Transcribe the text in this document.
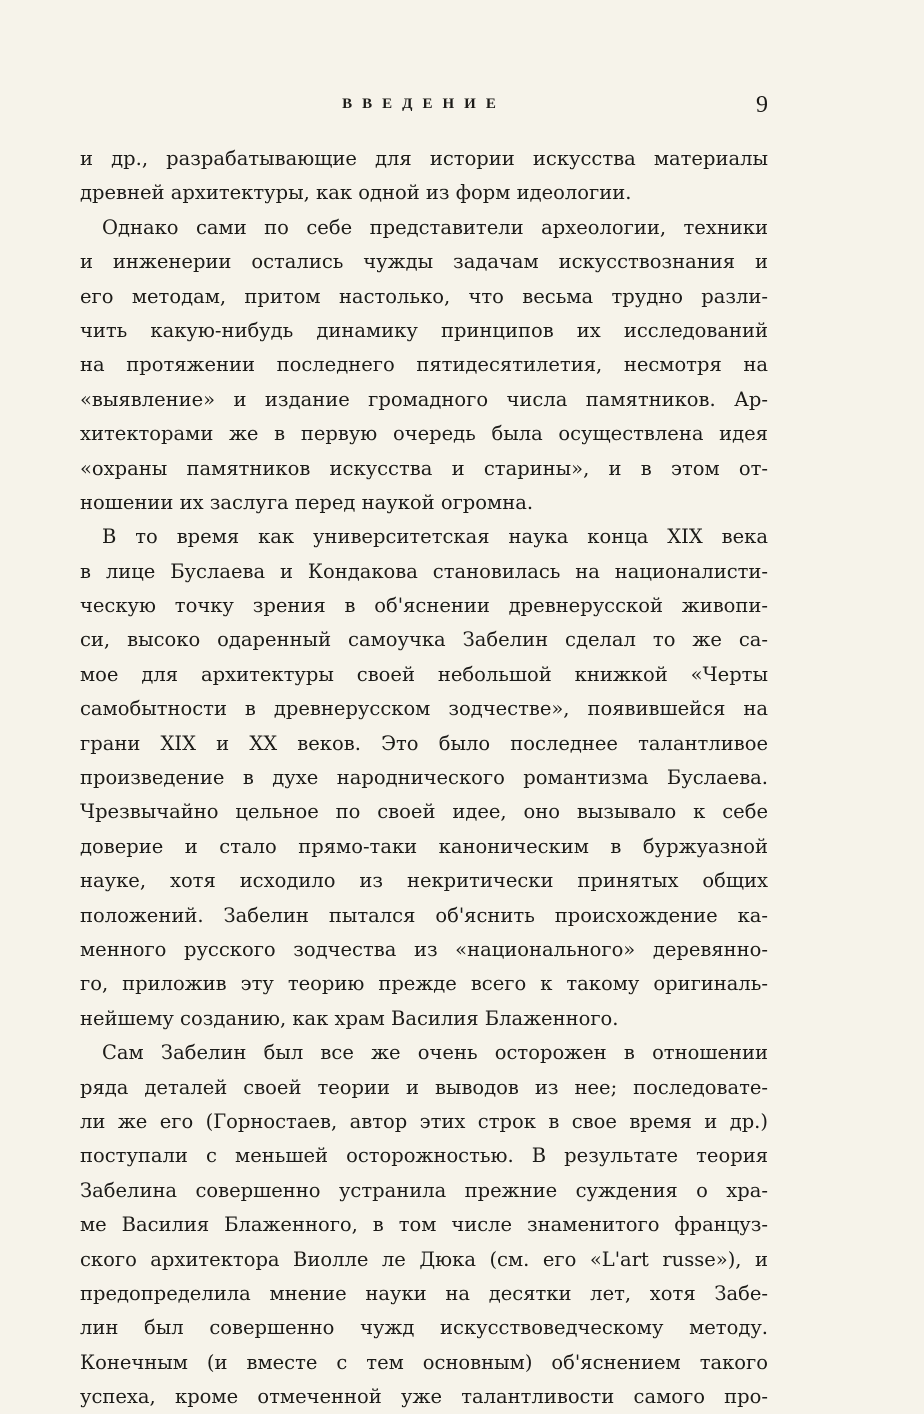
ВВЕДЕНИЕ	9
и др., разрабатывающие для истории искусства материалы
древней архитектуры, как одной из форм идеологии.
Однако сами по себе представители археологии, техники
и инженерии остались чужды задачам искусствознания и
его методам, притом настолько, что весьма трудно разли-
чить какую-нибудь динамику принципов их исследований
на протяжении последнего пятидесятилетия, несмотря на
«выявление» и издание громадного числа памятников. Ар-
хитекторами же в первую очередь была осуществлена идея
«охраны памятников искусства и старины», и в этом от-
ношении их заслуга перед наукой огромна.
В то время как университетская наука конца XIX века
в лице Буслаева и Кондакова становилась на националисти-
ческую точку зрения в об'яснении древнерусской живопи-
си, высоко одаренный самоучка Забелин сделал то же са-
мое для архитектуры своей небольшой книжкой «Черты
самобытности в древнерусском зодчестве», появившейся на
грани XIX и XX веков. Это было последнее талантливое
произведение в духе народнического романтизма Буслаева.
Чрезвычайно цельное по своей идее, оно вызывало к себе
доверие и стало прямо-таки каноническим в буржуазной
науке, хотя исходило из некритически принятых общих
положений. Забелин пытался об'яснить происхождение ка-
менного русского зодчества из «национального» деревянно-
го, приложив эту теорию прежде всего к такому оригиналь-
нейшему созданию, как храм Василия Блаженного.
Сам Забелин был все же очень осторожен в отношении
ряда деталей своей теории и выводов из нее; последовате-
ли же его (Горностаев, автор этих строк в свое время и др.)
поступали с меньшей осторожностью. В результате теория
Забелина совершенно устранила прежние суждения о хра-
ме Василия Блаженного, в том числе знаменитого француз-
ского архитектора Виолле ле Дюка (см. его «L'art russe»), и
предопределила мнение науки на десятки лет, хотя Забе-
лин был совершенно чужд искусствоведческому методу.
Конечным (и вместе с тем основным) об'яснением такого
успеха, кроме отмеченной уже талантливости самого про-
